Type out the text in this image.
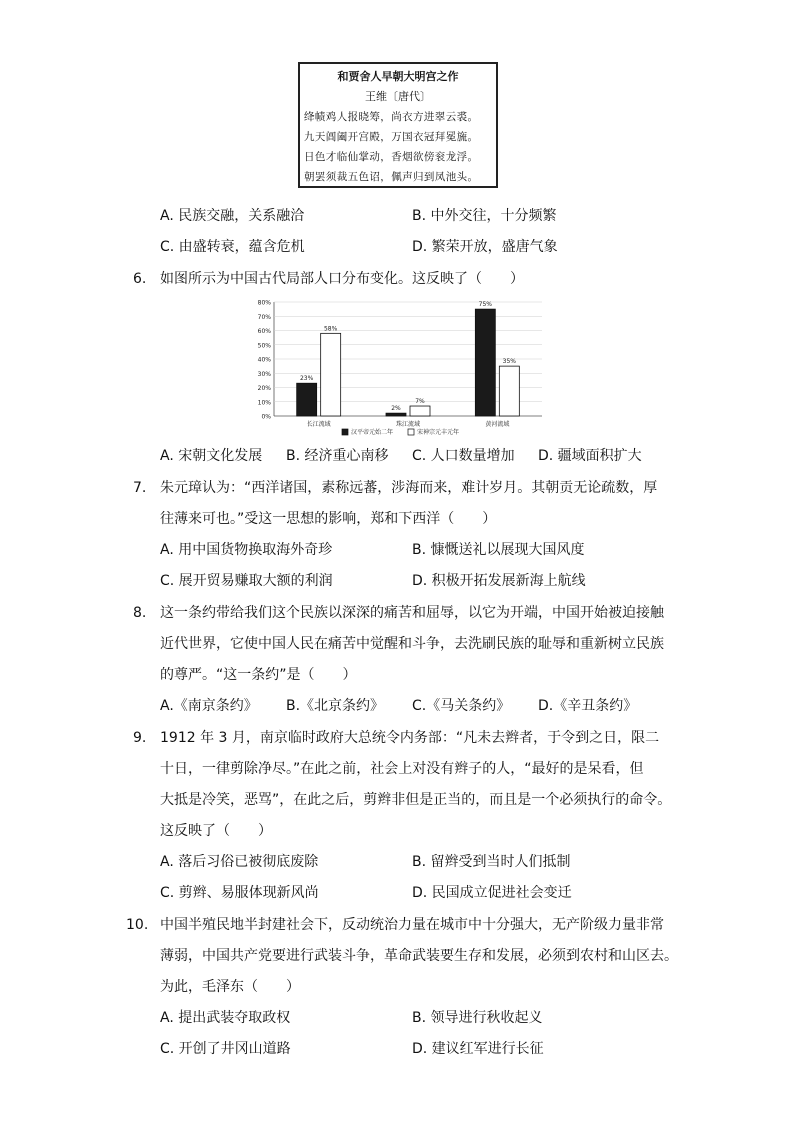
和贾舍人早朝大明宫之作
王维〔唐代〕
绛帻鸡人报晓筹，尚衣方进翠云裘。
九天阊阖开宫殿，万国衣冠拜冕旒。
日色才临仙掌动，香烟欲傍衮龙浮。
朝罢须裁五色诏，佩声归到凤池头。
A. 民族交融，关系融洽	B. 中外交往，十分频繁
C. 由盛转衰，蕴含危机	D. 繁荣开放，盛唐气象
6. 如图所示为中国古代局部人口分布变化。这反映了（　　）
0%
10%
20%
30%
40%
50%
60%
70%
80%
23%
58%
长江流域
2%
7%
珠江流域
75%
35%
黄河流域
汉平帝元始二年	宋神宗元丰元年
A. 宋朝文化发展 B. 经济重心南移 C. 人口数量增加 D. 疆域面积扩大
7. 朱元璋认为：“西洋诸国，素称远蕃，涉海而来，难计岁月。其朝贡无论疏数，厚
往薄来可也。”受这一思想的影响，郑和下西洋（　　）
A. 用中国货物换取海外奇珍	B. 慷慨送礼以展现大国风度
C. 展开贸易赚取大额的利润	D. 积极开拓发展新海上航线
8. 这一条约带给我们这个民族以深深的痛苦和屈辱，以它为开端，中国开始被迫接触
近代世界，它使中国人民在痛苦中觉醒和斗争，去洗刷民族的耻辱和重新树立民族
的尊严。“这一条约”是（　　）
A.《南京条约》 B.《北京条约》 C.《马关条约》 D.《辛丑条约》
9. 1912 年 3 月，南京临时政府大总统令内务部：“凡未去辫者，于令到之日，限二
十日，一律剪除净尽。”在此之前，社会上对没有辫子的人，“最好的是呆看，但
大抵是冷笑，恶骂”，在此之后，剪辫非但是正当的，而且是一个必须执行的命令。
这反映了（　　）
A. 落后习俗已被彻底废除	B. 留辫受到当时人们抵制
C. 剪辫、易服体现新风尚	D. 民国成立促进社会变迁
10. 中国半殖民地半封建社会下，反动统治力量在城市中十分强大，无产阶级力量非常
薄弱，中国共产党要进行武装斗争，革命武装要生存和发展，必须到农村和山区去。
为此，毛泽东（　　）
A. 提出武装夺取政权	B. 领导进行秋收起义
C. 开创了井冈山道路	D. 建议红军进行长征
